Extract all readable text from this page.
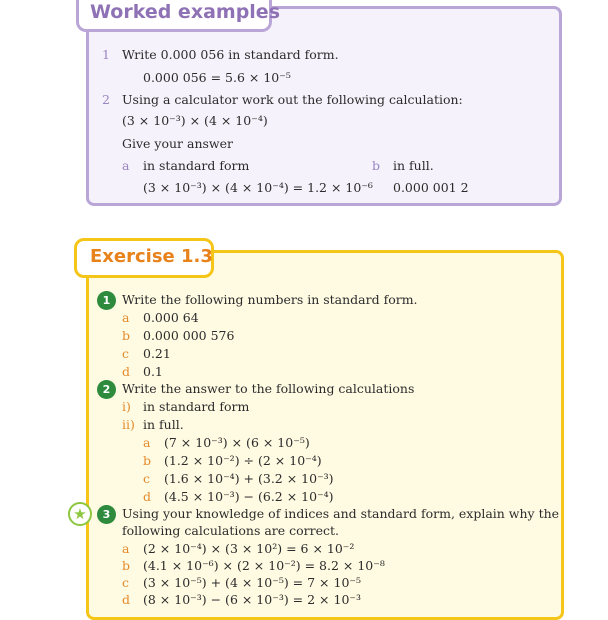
Worked examples
1 Write 0.000 056 in standard form.
0.000 056 = 5.6 × 10⁻⁵
2 Using a calculator work out the following calculation:
(3 × 10⁻³) × (4 × 10⁻⁴)
Give your answer
a in standard form
(3 × 10⁻³) × (4 × 10⁻⁴) = 1.2 × 10⁻⁶
b in full.
0.000 001 2
Exercise 1.3
1 Write the following numbers in standard form.
a 0.000 64
b 0.000 000 576
c 0.21
d 0.1
2 Write the answer to the following calculations
i) in standard form
ii) in full.
a (7 × 10⁻³) × (6 × 10⁻⁵)
b (1.2 × 10⁻²) ÷ (2 × 10⁻⁴)
c (1.6 × 10⁻⁴) + (3.2 × 10⁻³)
d (4.5 × 10⁻³) − (6.2 × 10⁻⁴)
★	3 Using your knowledge of indices and standard form, explain why the
following calculations are correct.
a (2 × 10⁻⁴) × (3 × 10²) = 6 × 10⁻²
b (4.1 × 10⁻⁶) × (2 × 10⁻²) = 8.2 × 10⁻⁸
c (3 × 10⁻⁵) + (4 × 10⁻⁵) = 7 × 10⁻⁵
d (8 × 10⁻³) − (6 × 10⁻³) = 2 × 10⁻³
